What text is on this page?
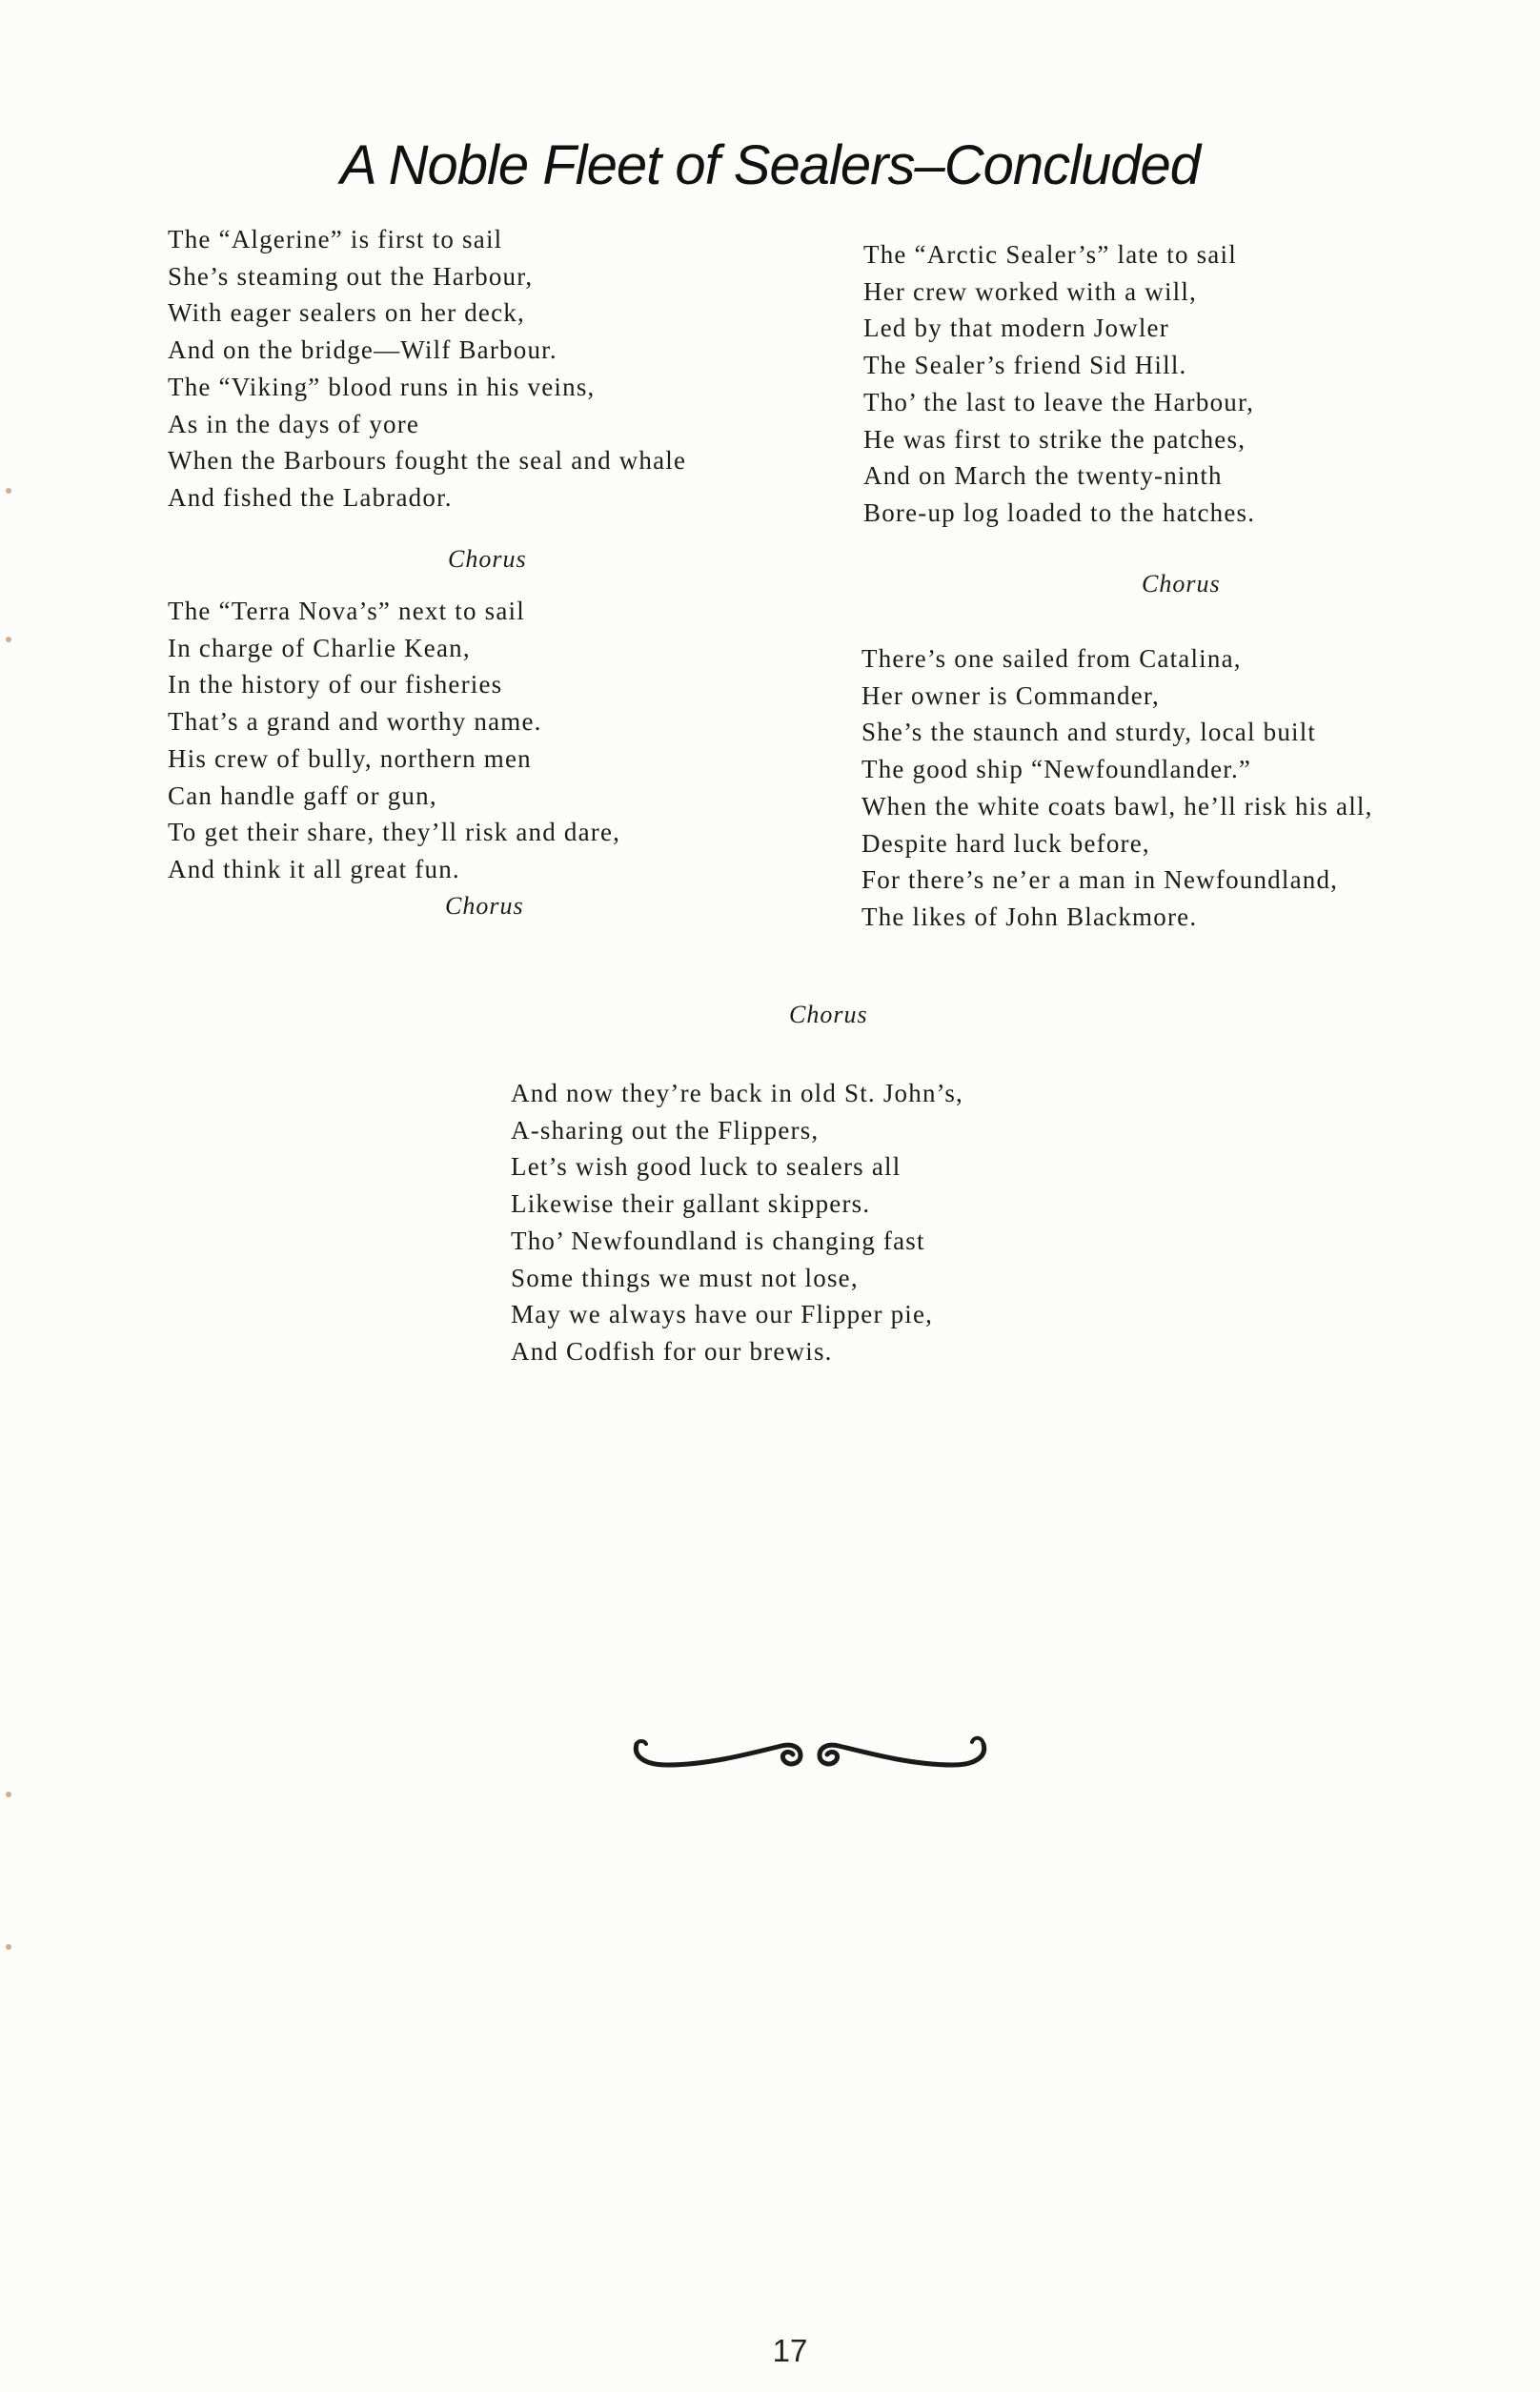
A Noble Fleet of Sealers–Concluded
The “Algerine” is first to sail
She’s steaming out the Harbour,
With eager sealers on her deck,
And on the bridge—Wilf Barbour.
The “Viking” blood runs in his veins,
As in the days of yore
When the Barbours fought the seal and whale
And fished the Labrador.
Chorus
The “Terra Nova’s” next to sail
In charge of Charlie Kean,
In the history of our fisheries
That’s a grand and worthy name.
His crew of bully, northern men
Can handle gaff or gun,
To get their share, they’ll risk and dare,
And think it all great fun.
Chorus
The “Arctic Sealer’s” late to sail
Her crew worked with a will,
Led by that modern Jowler
The Sealer’s friend Sid Hill.
Tho’ the last to leave the Harbour,
He was first to strike the patches,
And on March the twenty-ninth
Bore-up log loaded to the hatches.
Chorus
There’s one sailed from Catalina,
Her owner is Commander,
She’s the staunch and sturdy, local built
The good ship “Newfoundlander.”
When the white coats bawl, he’ll risk his all,
Despite hard luck before,
For there’s ne’er a man in Newfoundland,
The likes of John Blackmore.
Chorus
And now they’re back in old St. John’s,
A-sharing out the Flippers,
Let’s wish good luck to sealers all
Likewise their gallant skippers.
Tho’ Newfoundland is changing fast
Some things we must not lose,
May we always have our Flipper pie,
And Codfish for our brewis.
17
